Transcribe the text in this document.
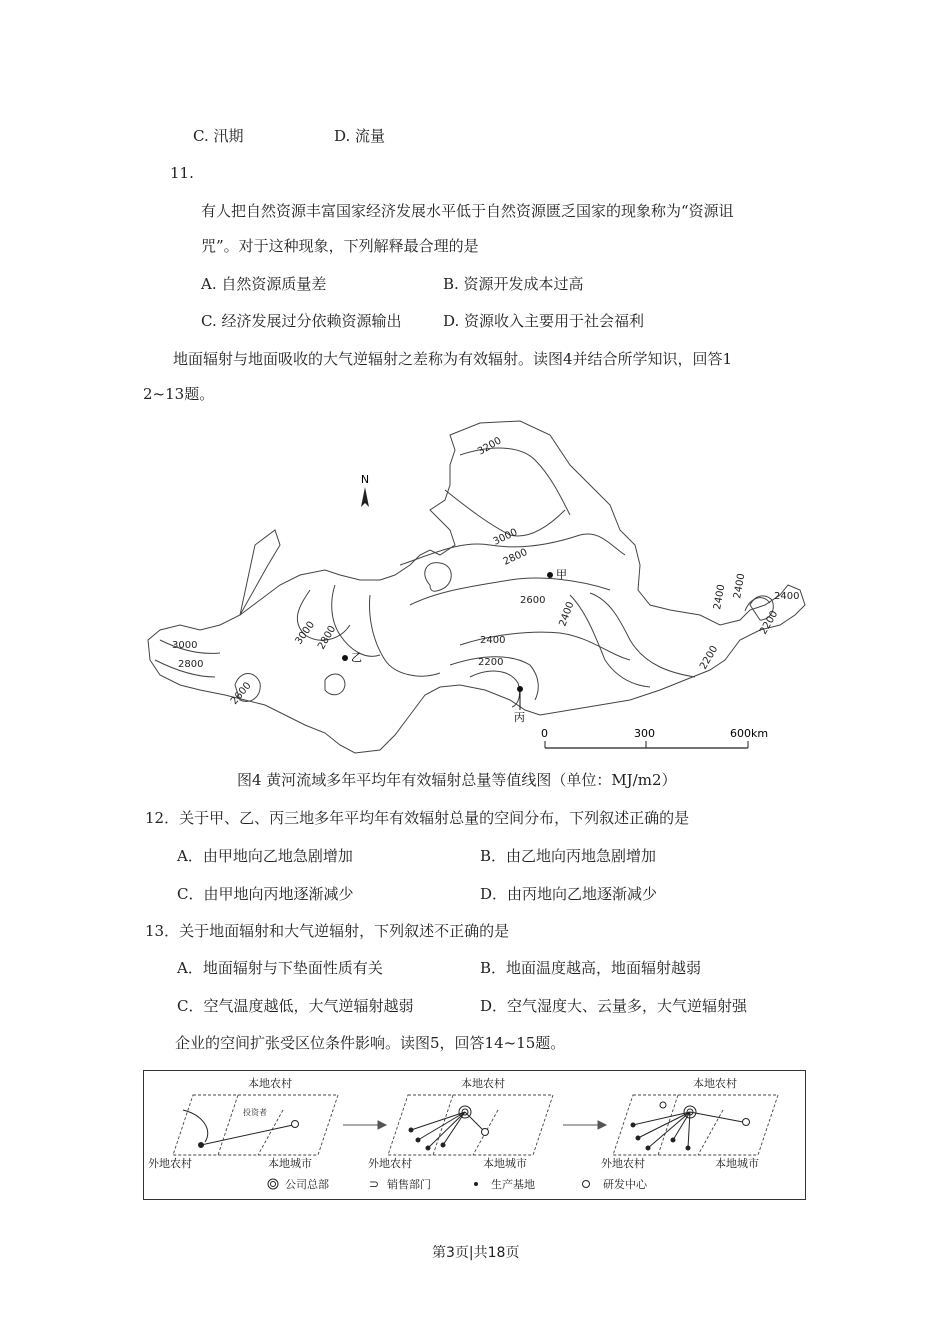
C. 汛期	D. 流量
11.
有人把自然资源丰富国家经济发展水平低于自然资源匮乏国家的现象称为“资源诅
咒”。对于这种现象，下列解释最合理的是
A. 自然资源质量差	B. 资源开发成本过高
C. 经济发展过分依赖资源输出	D. 资源收入主要用于社会福利
地面辐射与地面吸收的大气逆辐射之差称为有效辐射。读图4并结合所学知识，回答1
2~13题。
N
甲
乙
丙
3200
3000
2800
2600
2400
2200
3000 2800
2600
2800
3000
2400
2400	2400
2200
2200
2400
0	300	600km
图4 黄河流域多年平均年有效辐射总量等值线图（单位：MJ/m2）
12．关于甲、乙、丙三地多年平均年有效辐射总量的空间分布，下列叙述正确的是
A．由甲地向乙地急剧增加	B．由乙地向丙地急剧增加
C．由甲地向丙地逐渐减少	D．由丙地向乙地逐渐减少
13．关于地面辐射和大气逆辐射，下列叙述不正确的是
A．地面辐射与下垫面性质有关	B．地面温度越高，地面辐射越弱
C．空气温度越低，大气逆辐射越弱	D．空气湿度大、云量多，大气逆辐射强
企业的空间扩张受区位条件影响。读图5，回答14~15题。
本地农村
外地农村	本地城市
投资者
本地农村
外地农村	本地城市
本地农村
外地农村	本地城市
公司总部	⊃ 销售部门	生产基地	研发中心
第3页|共18页
